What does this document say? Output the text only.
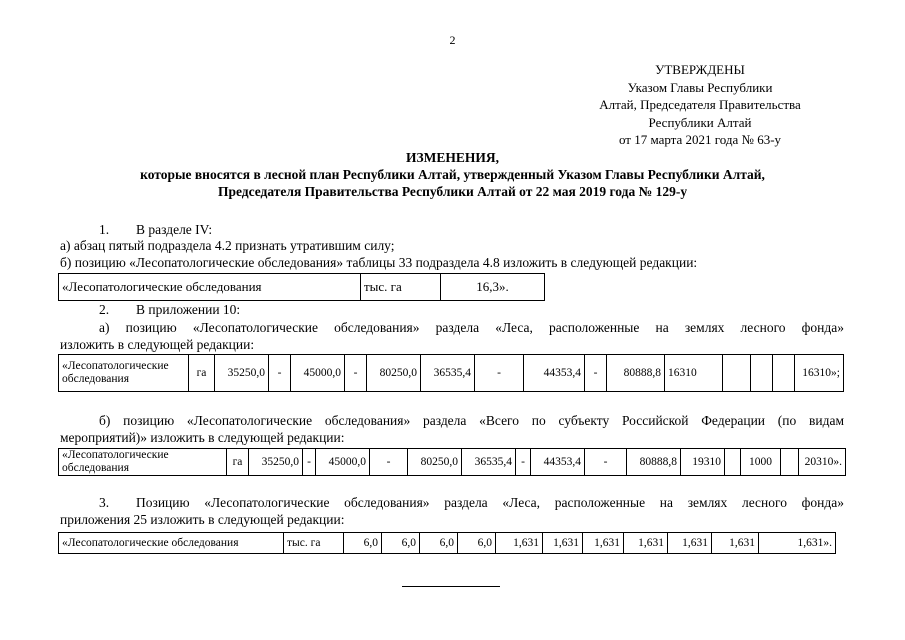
2
УТВЕРЖДЕНЫ
Указом Главы Республики
Алтай, Председателя Правительства
Республики Алтай
от 17 марта 2021 года № 63-у
ИЗМЕНЕНИЯ,
которые вносятся в лесной план Республики Алтай, утвержденный Указом Главы Республики Алтай,
Председателя Правительства Республики Алтай от 22 мая 2019 года № 129-у
1. В разделе IV:
а) абзац пятый подраздела 4.2 признать утратившим силу;
б) позицию «Лесопатологические обследования» таблицы 33 подраздела 4.8 изложить в следующей редакции:
«Лесопатологические обследования	тыс. га	16,3».
2. В приложении 10:
а) позицию «Лесопатологические обследования» раздела «Леса, расположенные на землях лесного фонда»
изложить в следующей редакции:
«Лесопатологические обследования	га	35250,0	-	45000,0	-	80250,0	36535,4	-	44353,4	-	80888,8	16310				16310»;
б) позицию «Лесопатологические обследования» раздела «Всего по субъекту Российской Федерации (по видам
мероприятий)» изложить в следующей редакции:
«Лесопатологические обследования	га	35250,0	-	45000,0	-	80250,0	36535,4	-	44353,4	-	80888,8	19310		1000		20310».
3. Позицию «Лесопатологические обследования» раздела «Леса, расположенные на землях лесного фонда»
приложения 25 изложить в следующей редакции:
«Лесопатологические обследования	тыс. га	6,0	6,0	6,0	6,0	1,631	1,631	1,631	1,631	1,631	1,631	1,631».
